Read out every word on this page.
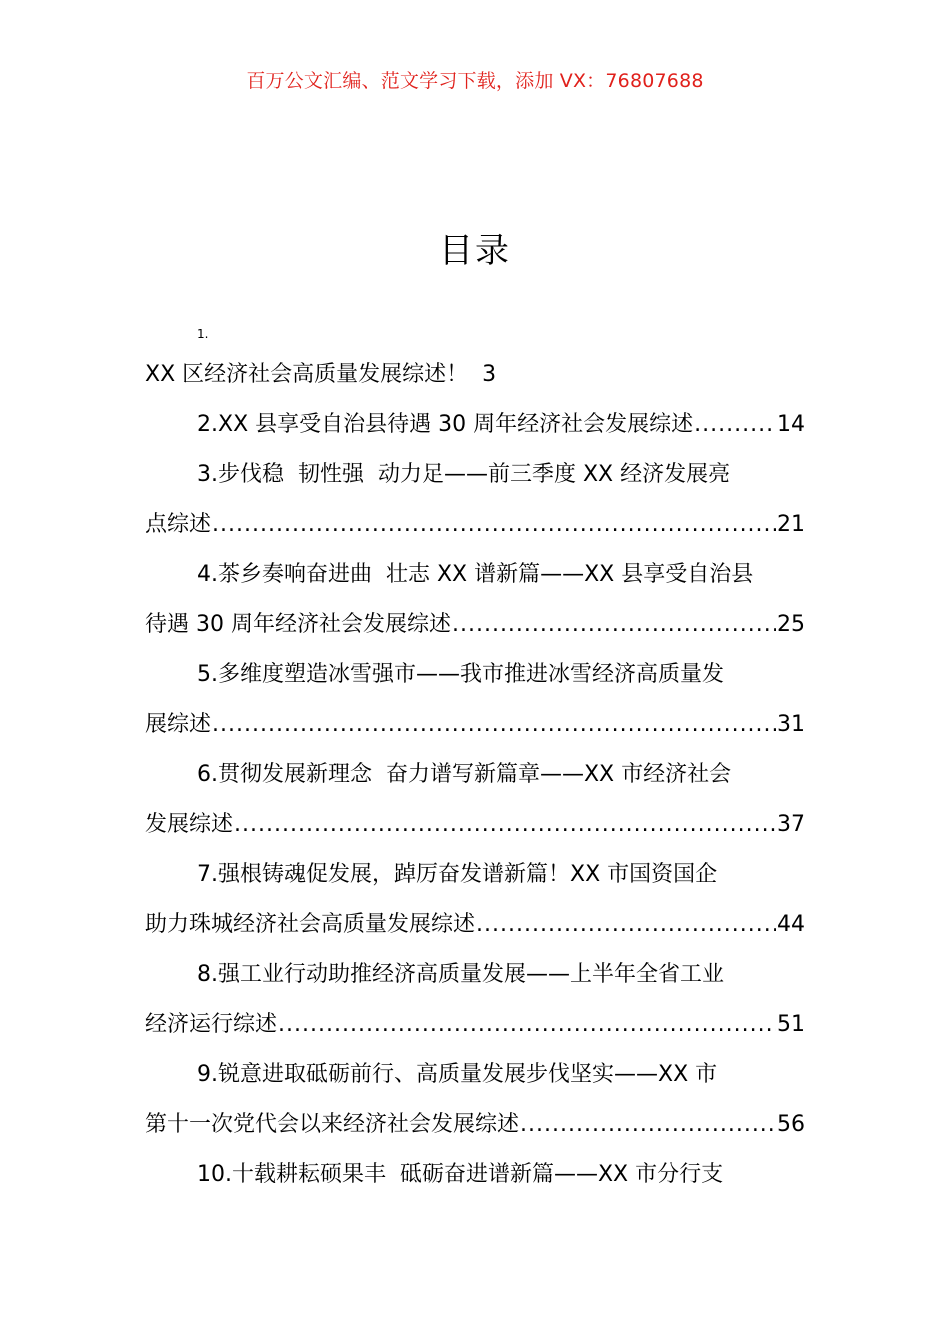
百万公文汇编、范文学习下载，添加 VX：76807688
目录
1.
XX 区经济社会高质量发展综述！ 3
2. XX 县享受自治县待遇 30 周年经济社会发展综述 .....	14
3. 步伐稳  韧性强  动力足——前三季度 XX 经济发展亮
点综述 .....	21
4. 茶乡奏响奋进曲  壮志 XX 谱新篇——XX 县享受自治县
待遇 30 周年经济社会发展综述 .....	25
5. 多维度塑造冰雪强市——我市推进冰雪经济高质量发
展综述 .....	31
6. 贯彻发展新理念  奋力谱写新篇章——XX 市经济社会
发展综述 .....	37
7. 强根铸魂促发展，踔厉奋发谱新篇！XX 市国资国企
助力珠城经济社会高质量发展综述 .....	44
8. 强工业行动助推经济高质量发展——上半年全省工业
经济运行综述 .....	51
9. 锐意进取砥砺前行、高质量发展步伐坚实——XX 市
第十一次党代会以来经济社会发展综述 .....	56
10. 十载耕耘硕果丰  砥砺奋进谱新篇——XX 市分行支
